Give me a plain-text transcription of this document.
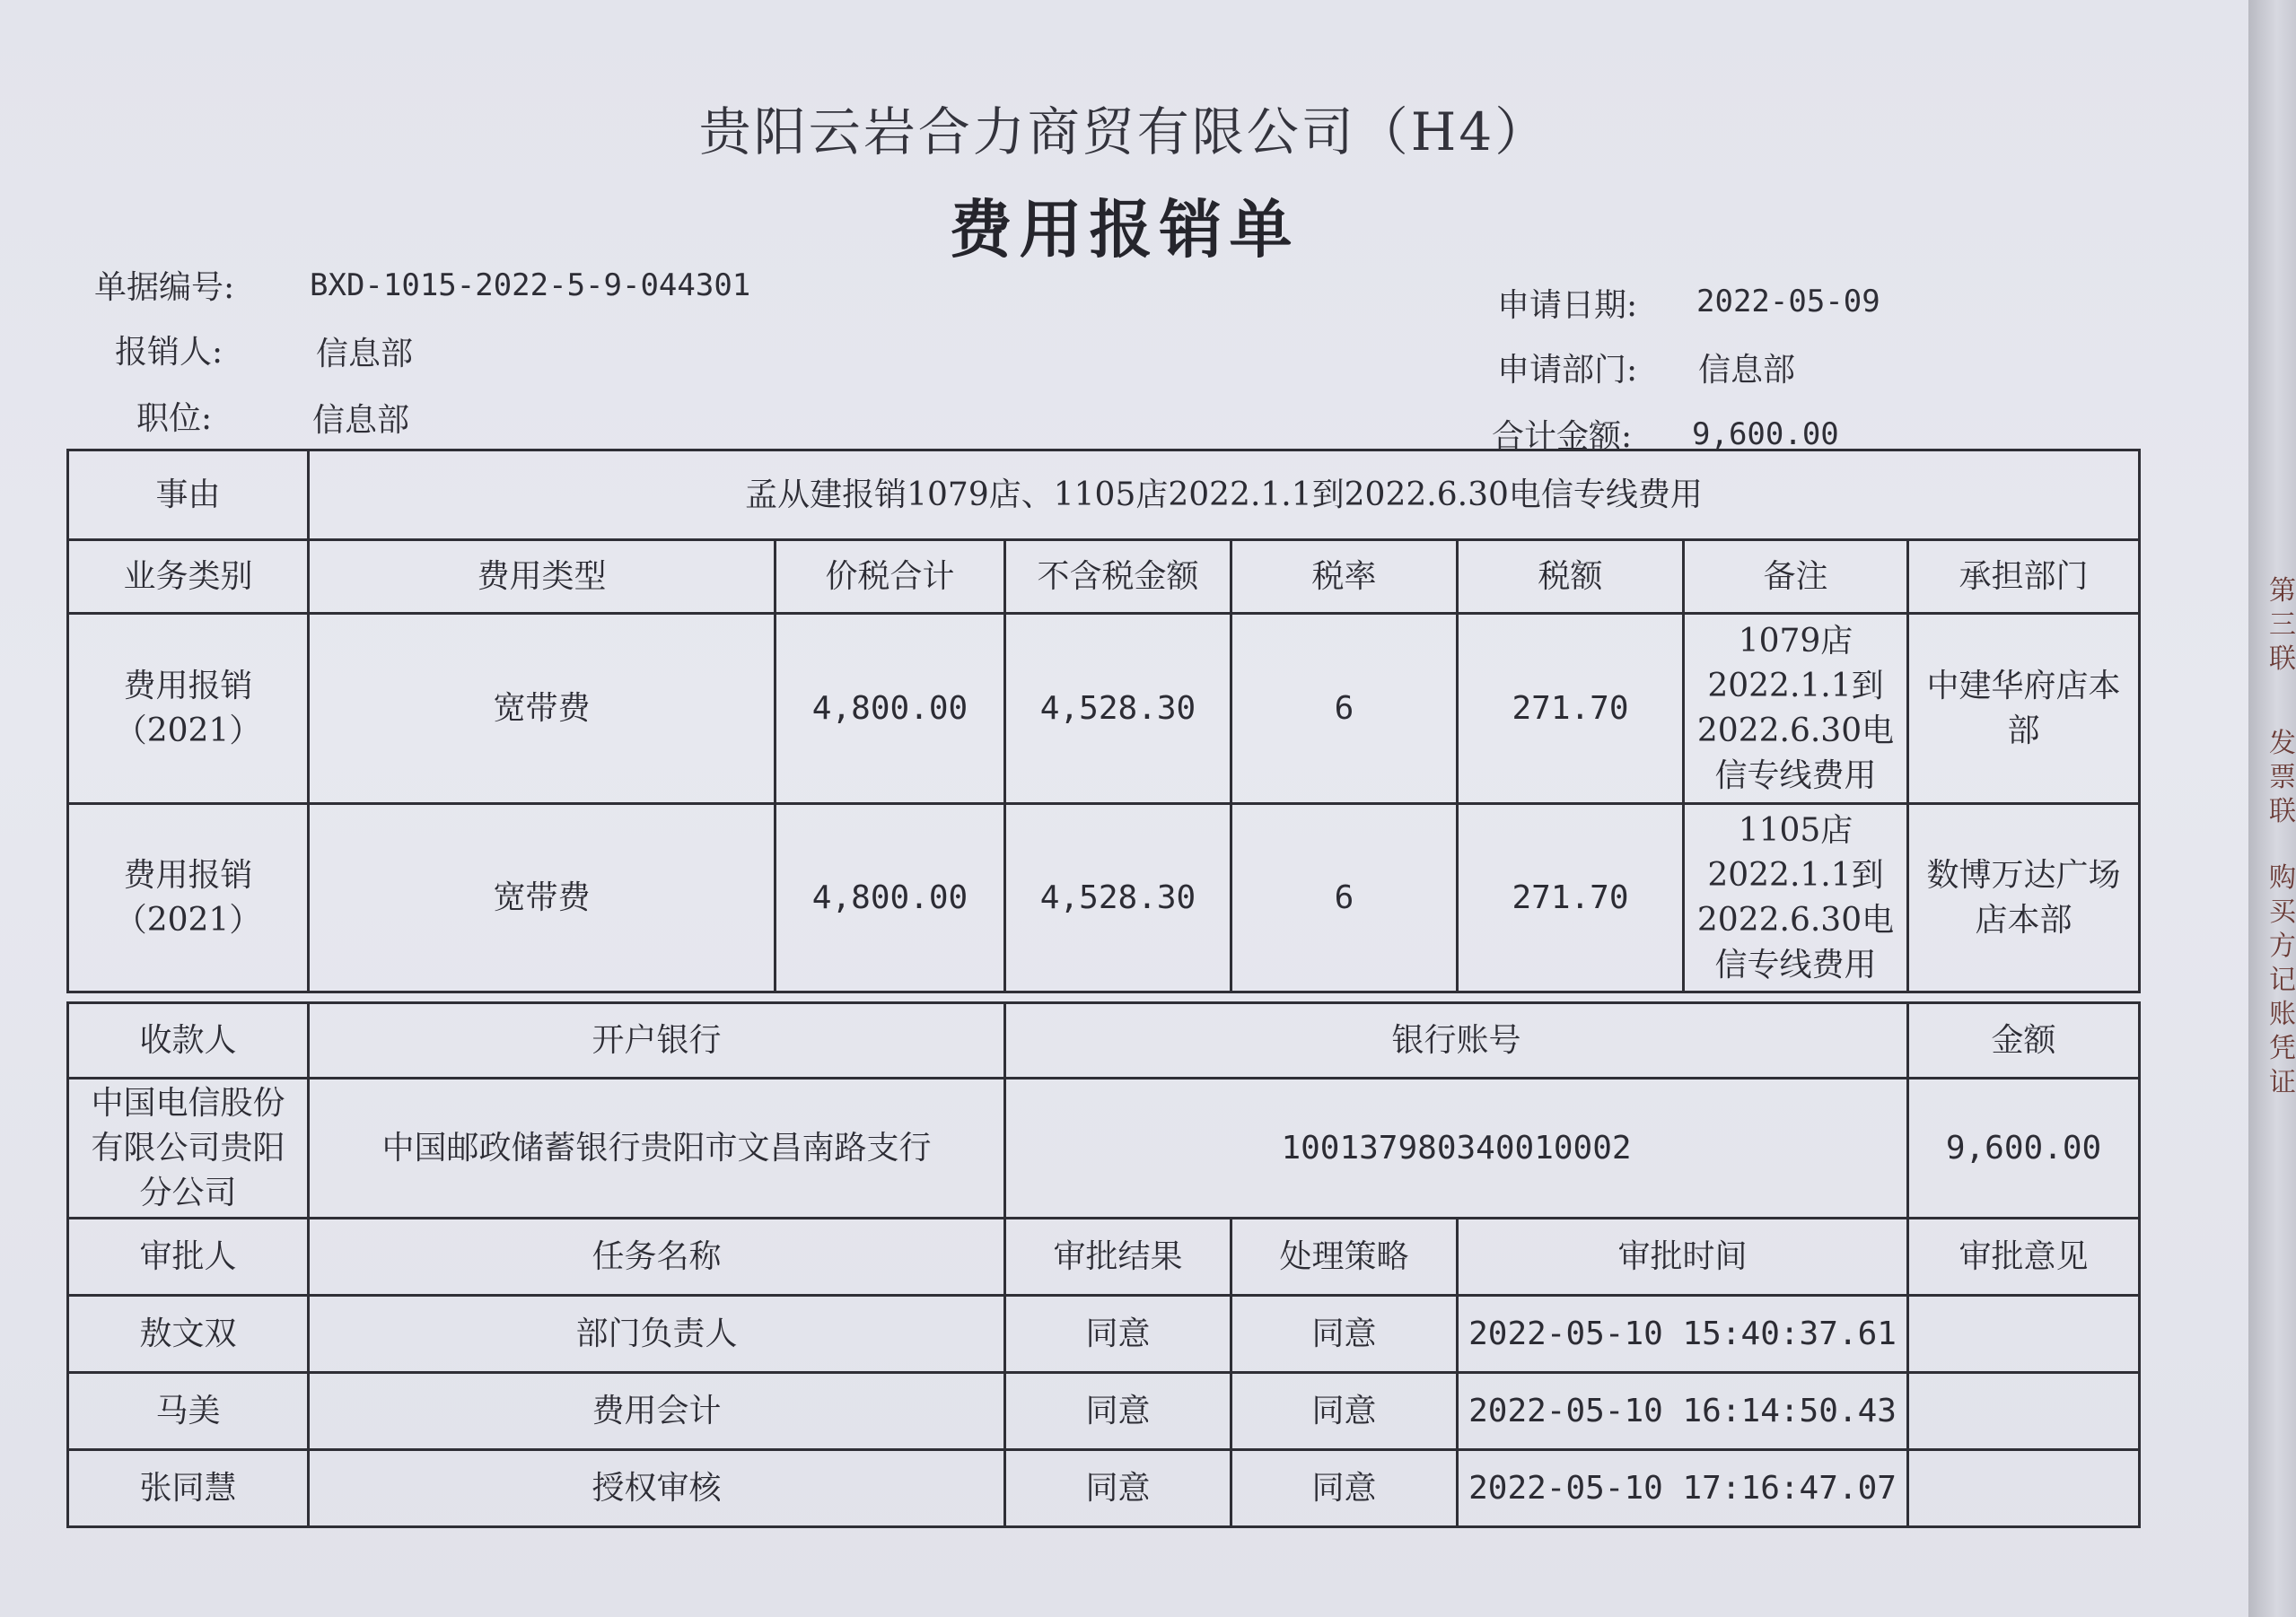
贵阳云岩合力商贸有限公司（H4）
费用报销单
单据编号: BXD-1015-2022-5-9-044301
报销人:	信息部
职位:	信息部
申请日期: 2022-05-09
申请部门: 信息部
合计金额: 9,600.00
事由	孟从建报销1079店、1105店2022.1.1到2022.6.30电信专线费用						
业务类别	费用类型	价税合计	不含税金额	税率	税额	备注	承担部门
费用报销（2021）	宽带费	4,800.00	4,528.30	6	271.70	1079店2022.1.1到2022.6.30电信专线费用	中建华府店本部
费用报销（2021）	宽带费	4,800.00	4,528.30	6	271.70	1105店2022.1.1到2022.6.30电信专线费用	数博万达广场店本部
收款人	开户银行	银行账号			金额
中国电信股份有限公司贵阳分公司	中国邮政储蓄银行贵阳市文昌南路支行	100137980340010002			9,600.00
审批人	任务名称	审批结果	处理策略	审批时间	审批意见
敖文双	部门负责人	同意	同意	2022-05-10 15:40:37.61	
马美	费用会计	同意	同意	2022-05-10 16:14:50.43	
张同慧	授权审核	同意	同意	2022-05-10 17:16:47.07	
第三联
发票联
购买方记账凭证
